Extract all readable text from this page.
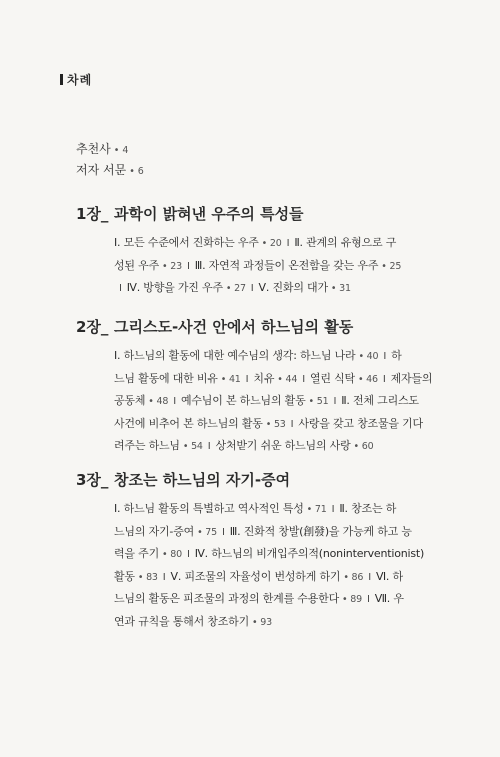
차례
추천사 • 4
저자 서문 • 6
1장_ 과학이 밝혀낸 우주의 특성들
Ⅰ. 모든 수준에서 진화하는 우주 • 20 Ⅰ Ⅱ. 관계의 유형으로 구
성된 우주 • 23 Ⅰ Ⅲ. 자연적 과정들이 온전함을 갖는 우주 • 25
Ⅰ Ⅳ. 방향을 가진 우주 • 27 Ⅰ Ⅴ. 진화의 대가 • 31
2장_ 그리스도-사건 안에서 하느님의 활동
Ⅰ. 하느님의 활동에 대한 예수님의 생각: 하느님 나라 • 40 Ⅰ 하
느님 활동에 대한 비유 • 41 Ⅰ 치유 • 44 Ⅰ 열린 식탁 • 46 Ⅰ 제자들의
공동체 • 48 Ⅰ 예수님이 본 하느님의 활동 • 51 Ⅰ Ⅱ. 전체 그리스도
사건에 비추어 본 하느님의 활동 • 53 Ⅰ 사랑을 갖고 창조물을 기다
려주는 하느님 • 54 Ⅰ 상처받기 쉬운 하느님의 사랑 • 60
3장_ 창조는 하느님의 자기-증여
Ⅰ. 하느님 활동의 특별하고 역사적인 특성 • 71 Ⅰ Ⅱ. 창조는 하
느님의 자기-증여 • 75 Ⅰ Ⅲ. 진화적 창발(創發)을 가능케 하고 능
력을 주기 • 80 Ⅰ Ⅳ. 하느님의 비개입주의적(noninterventionist)
활동 • 83 Ⅰ Ⅴ. 피조물의 자율성이 번성하게 하기 • 86 Ⅰ Ⅵ. 하
느님의 활동은 피조물의 과정의 한계를 수용한다 • 89 Ⅰ Ⅶ. 우
연과 규칙을 통해서 창조하기 • 93
